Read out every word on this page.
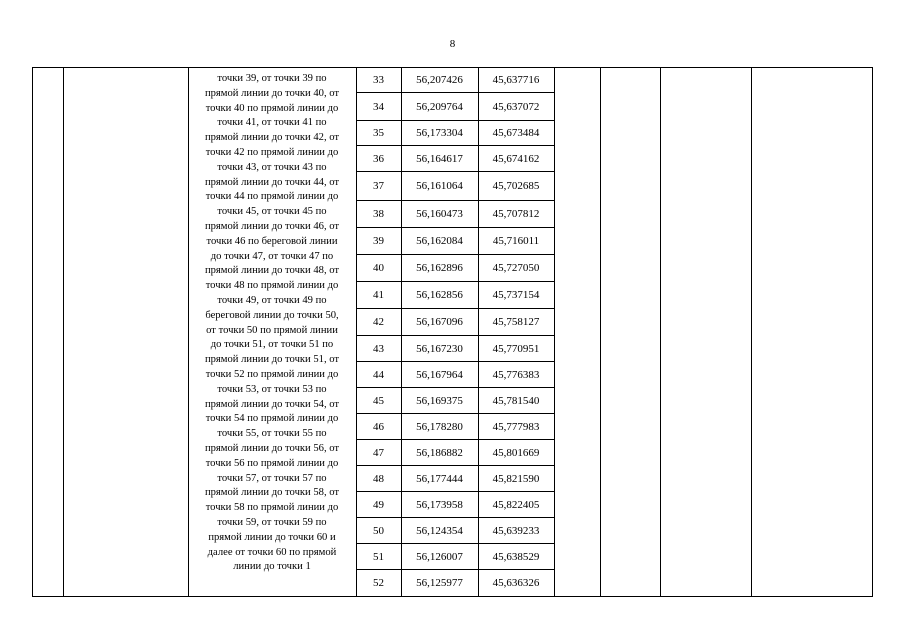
8
точки 39, от точки 39 по
прямой линии до точки 40, от
точки 40 по прямой линии до
точки 41, от точки 41 по
прямой линии до точки 42, от
точки 42 по прямой линии до
точки 43, от точки 43 по
прямой линии до точки 44, от
точки 44 по прямой линии до
точки 45, от точки 45 по
прямой линии до точки 46, от
точки 46 по береговой линии
до точки 47, от точки 47 по
прямой линии до точки 48, от
точки 48 по прямой линии до
точки 49, от точки 49 по
береговой линии до точки 50,
от точки 50 по прямой линии
до точки 51, от точки 51 по
прямой линии до точки 51, от
точки 52 по прямой линии до
точки 53, от точки 53 по
прямой линии до точки 54, от
точки 54 по прямой линии до
точки 55, от точки 55 по
прямой линии до точки 56, от
точки 56 по прямой линии до
точки 57, от точки 57 по
прямой линии до точки 58, от
точки 58 по прямой линии до
точки 59, от точки 59 по
прямой линии до точки 60 и
далее от точки 60 по прямой
линии до точки 1
33	56,207426	45,637716
34	56,209764	45,637072
35	56,173304	45,673484
36	56,164617	45,674162
37	56,161064	45,702685
38	56,160473	45,707812
39	56,162084	45,716011
40	56,162896	45,727050
41	56,162856	45,737154
42	56,167096	45,758127
43	56,167230	45,770951
44	56,167964	45,776383
45	56,169375	45,781540
46	56,178280	45,777983
47	56,186882	45,801669
48	56,177444	45,821590
49	56,173958	45,822405
50	56,124354	45,639233
51	56,126007	45,638529
52	56,125977	45,636326
